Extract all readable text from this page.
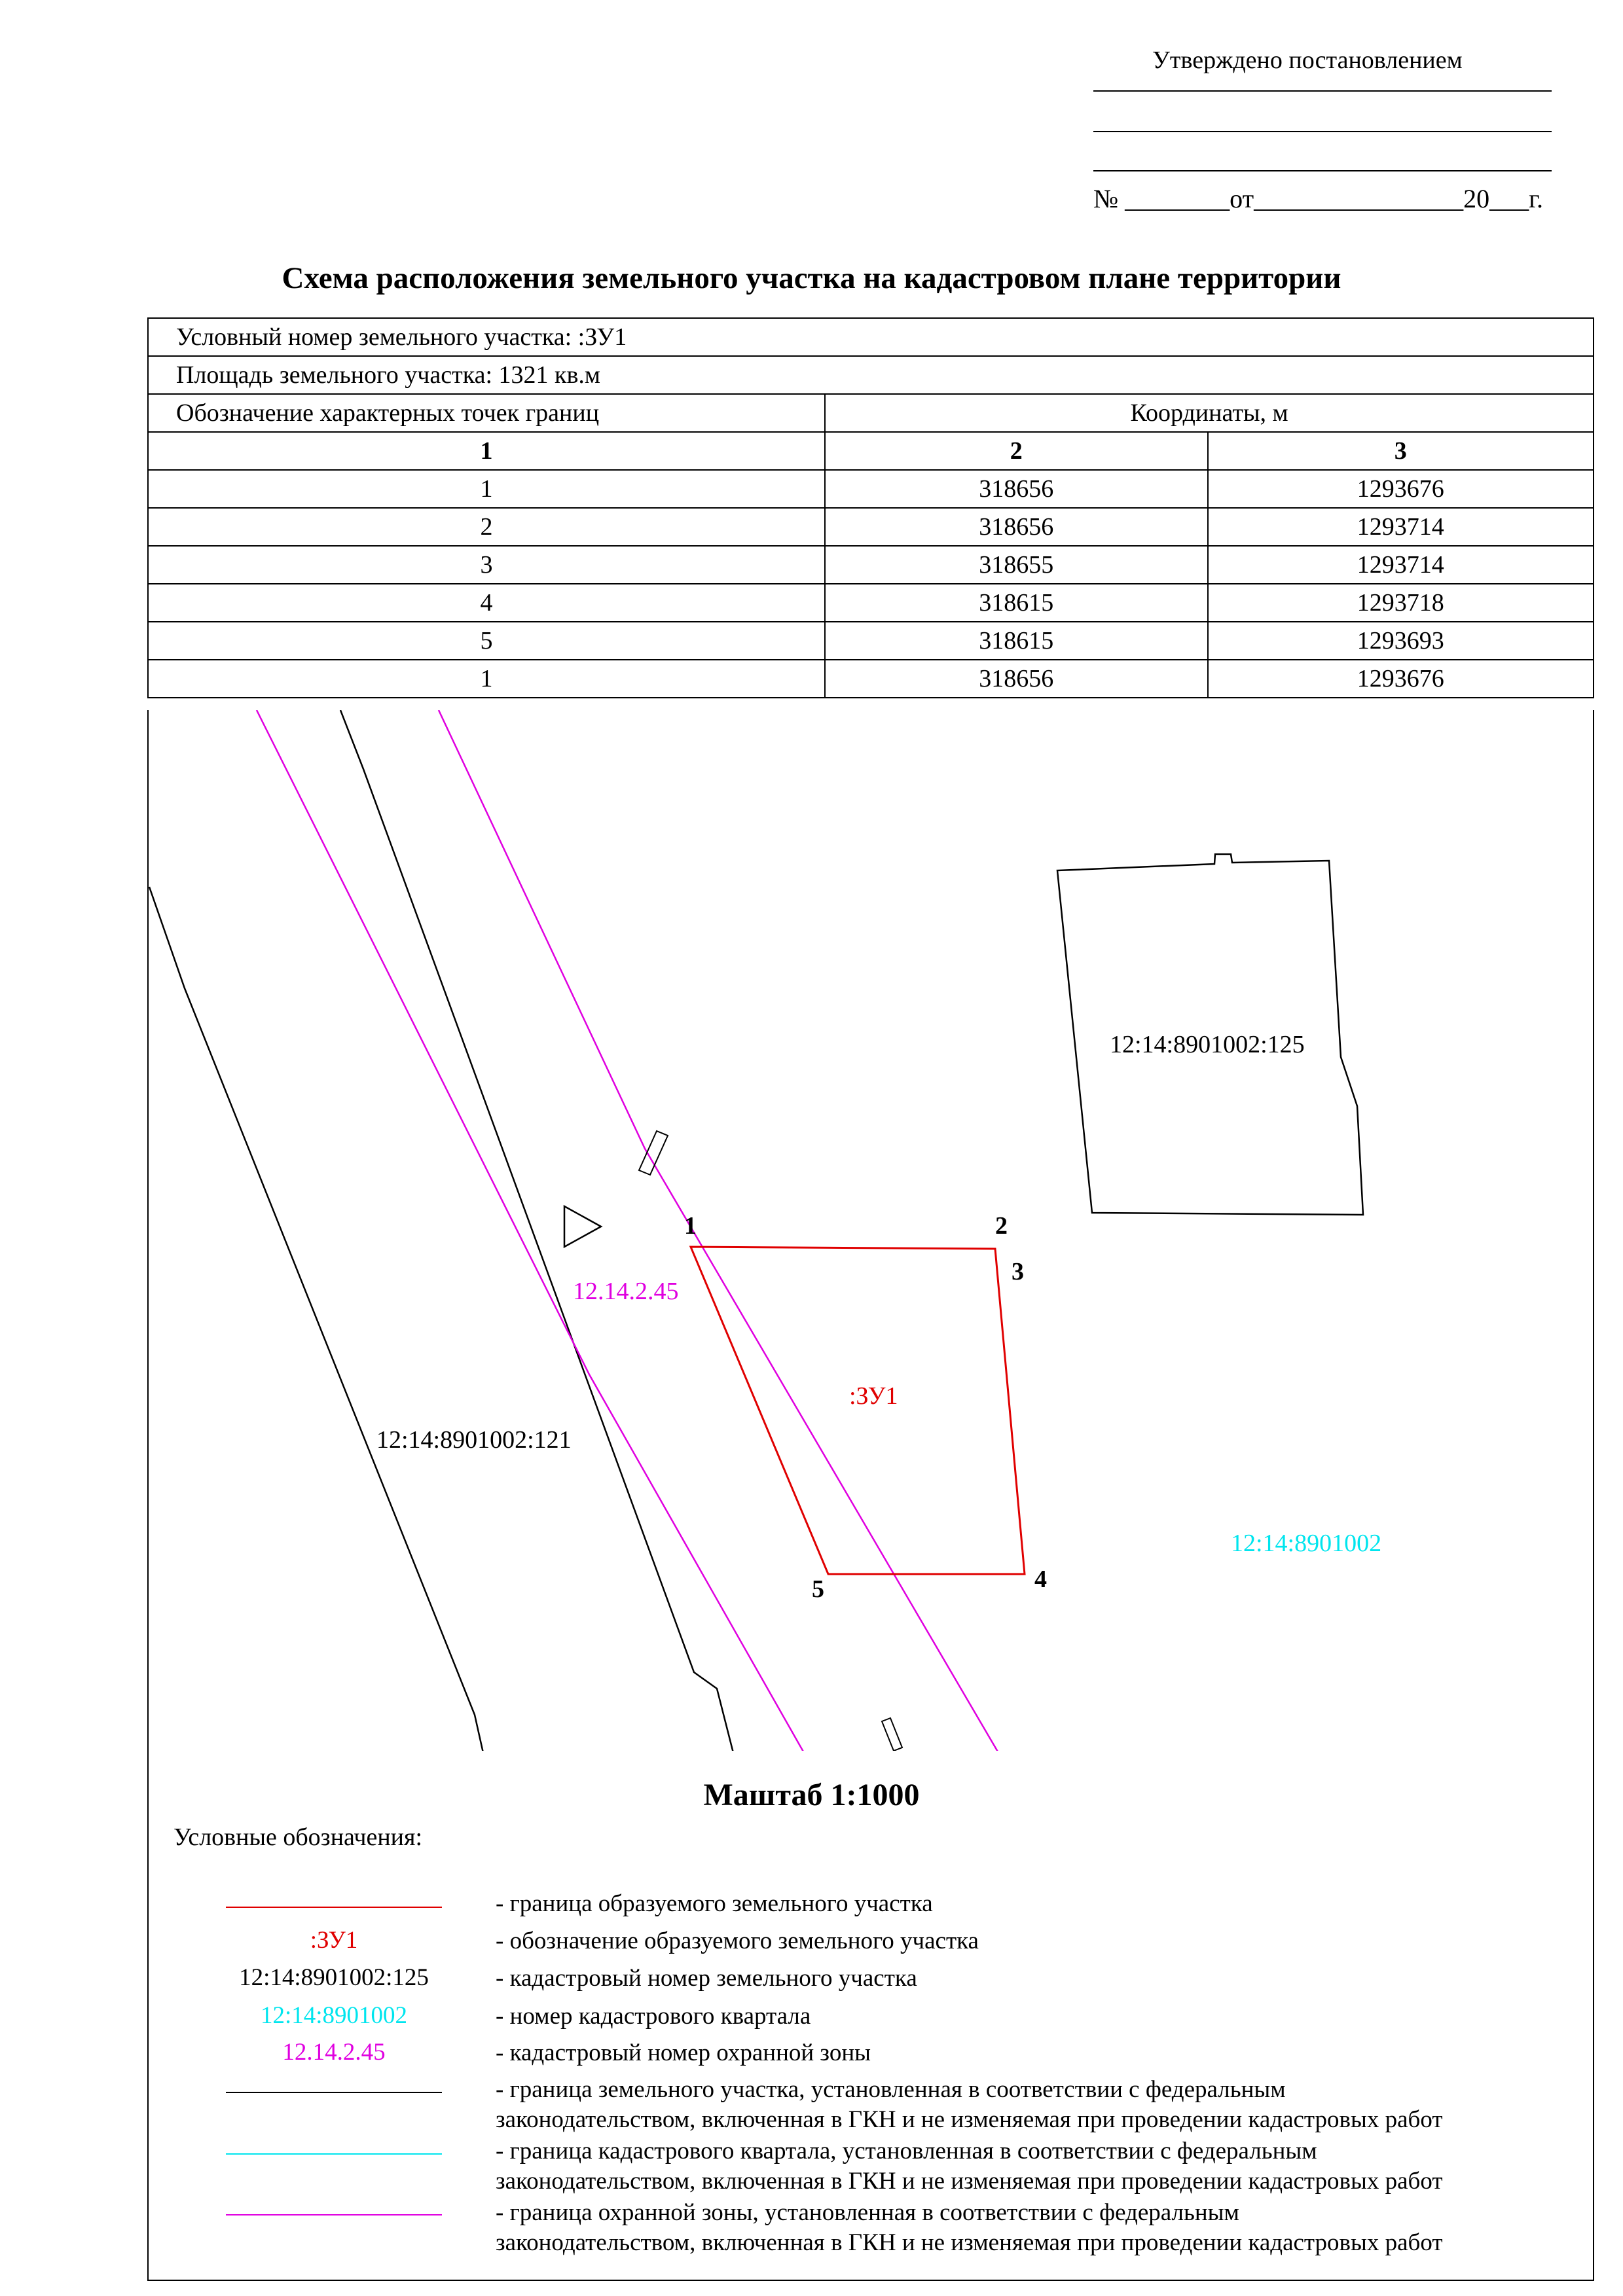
Утверждено постановлением
№ ________от________________20___г.
Схема расположения земельного участка на кадастровом плане территории
Условный номер земельного участка: :ЗУ1		
Площадь земельного участка: 1321 кв.м		
Обозначение характерных точек границ	Координаты, м	
1	2	3
1	318656	1293676
2	318656	1293714
3	318655	1293714
4	318615	1293718
5	318615	1293693
1	318656	1293676
1	2
3
4
5
:ЗУ1
12.14.2.45
12:14:8901002:125
12:14:8901002:121
12:14:8901002
Маштаб 1:1000
Условные обозначения:
- граница образуемого земельного участка
:ЗУ1	- обозначение образуемого земельного участка
12:14:8901002:125	- кадастровый номер земельного участка
12:14:8901002	- номер кадастрового квартала
12.14.2.45	- кадастровый номер охранной зоны
- граница земельного участка, установленная в соответствии с федеральным
законодательством, включенная в ГКН и не изменяемая при проведении кадастровых работ
- граница кадастрового квартала, установленная в соответствии с федеральным
законодательством, включенная в ГКН и не изменяемая при проведении кадастровых работ
- граница охранной зоны, установленная в соответствии с федеральным
законодательством, включенная в ГКН и не изменяемая при проведении кадастровых работ
